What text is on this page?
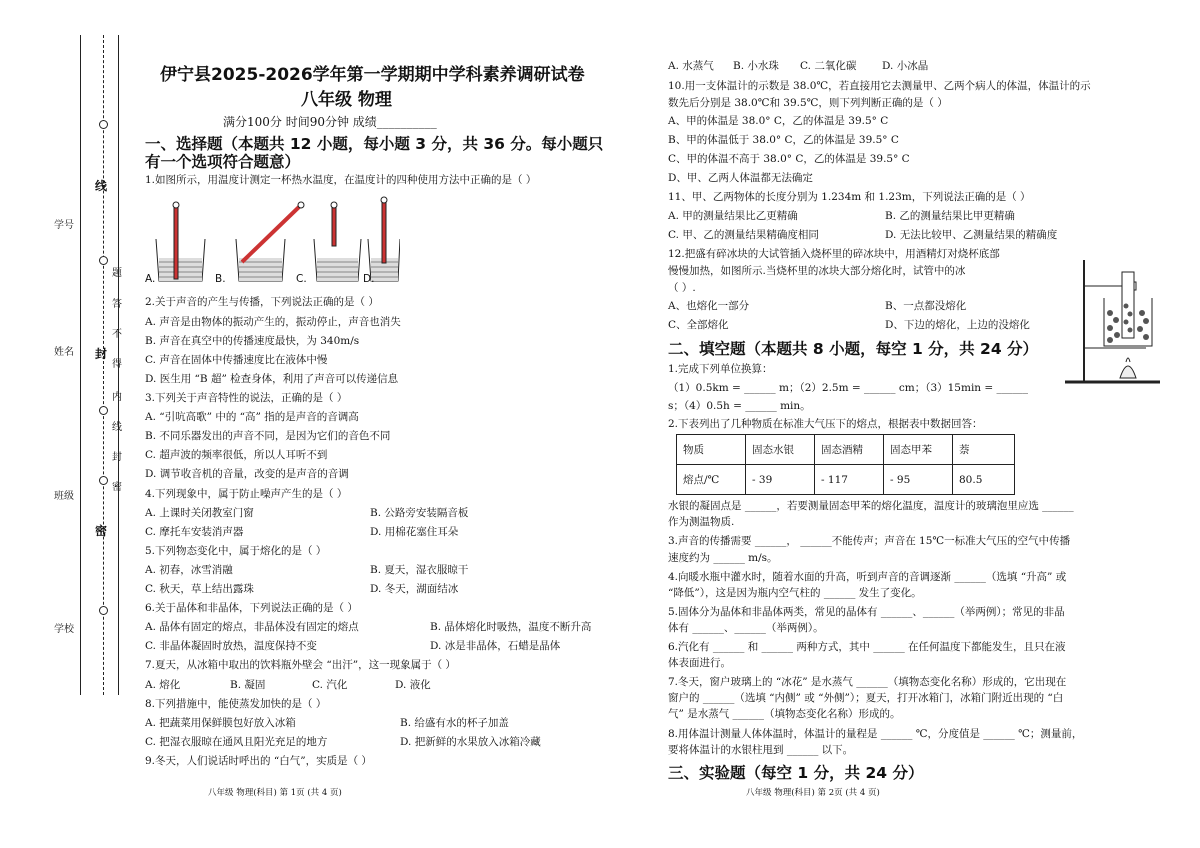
学号
姓名
班级
学校
线
封
密
题
答
不
得
内
线
封
密
伊宁县2025-2026学年第一学期期中学科素养调研试卷
八年级 物理
满分100分 时间90分钟 成绩__________
一、选择题（本题共 12 小题，每小题 3 分，共 36 分。每小题只
有一个选项符合题意）
1.如图所示，用温度计测定一杯热水温度，在温度计的四种使用方法中正确的是（ ）
A.	B.	C.	D.
2.关于声音的产生与传播，下列说法正确的是（ ）
A. 声音是由物体的振动产生的，振动停止，声音也消失
B. 声音在真空中的传播速度最快，为 340m/s
C. 声音在固体中传播速度比在液体中慢
D. 医生用 “B 超” 检查身体，利用了声音可以传递信息
3.下列关于声音特性的说法，正确的是（ ）
A. “引吭高歌” 中的 “高” 指的是声音的音调高
B. 不同乐器发出的声音不同，是因为它们的音色不同
C. 超声波的频率很低，所以人耳听不到
D. 调节收音机的音量，改变的是声音的音调
4.下列现象中，属于防止噪声产生的是（ ）
A. 上课时关闭教室门窗	B. 公路旁安装隔音板
C. 摩托车安装消声器	D. 用棉花塞住耳朵
5.下列物态变化中，属于熔化的是（ ）
A. 初春，冰雪消融	B. 夏天，湿衣服晾干
C. 秋天，草上结出露珠	D. 冬天，湖面结冰
6.关于晶体和非晶体，下列说法正确的是（ ）
A. 晶体有固定的熔点，非晶体没有固定的熔点	B. 晶体熔化时吸热，温度不断升高
C. 非晶体凝固时放热，温度保持不变	D. 冰是非晶体，石蜡是晶体
7.夏天，从冰箱中取出的饮料瓶外壁会 “出汗”，这一现象属于（ ）
A. 熔化	B. 凝固	C. 汽化	D. 液化
8.下列措施中，能使蒸发加快的是（ ）
A. 把蔬菜用保鲜膜包好放入冰箱	B. 给盛有水的杯子加盖
C. 把湿衣服晾在通风且阳光充足的地方	D. 把新鲜的水果放入冰箱冷藏
9.冬天，人们说话时呼出的 “白气”，实质是（ ）
八年级 物理(科目) 第 1页 (共 4 页)
A. 水蒸气 B. 小水珠 C. 二氧化碳 D. 小冰晶
10.用一支体温计的示数是 38.0℃，若直接用它去测量甲、乙两个病人的体温，体温计的示
数先后分别是 38.0℃和 39.5℃，则下列判断正确的是（ ）
A、甲的体温是 38.0° C，乙的体温是 39.5° C
B、甲的体温低于 38.0° C，乙的体温是 39.5° C
C、甲的体温不高于 38.0° C，乙的体温是 39.5° C
D、甲、乙两人体温都无法确定
11、甲、乙两物体的长度分别为 1.234m 和 1.23m，下列说法正确的是（ ）
A. 甲的测量结果比乙更精确	B. 乙的测量结果比甲更精确
C. 甲、乙的测量结果精确度相同	D. 无法比较甲、乙测量结果的精确度
12.把盛有碎冰块的大试管插入烧杯里的碎冰块中，用酒精灯对烧杯底部
慢慢加热，如图所示.当烧杯里的冰块大部分熔化时，试管中的冰
（ ）.
A、也熔化一部分	B、一点都没熔化
C、全部熔化	D、下边的熔化，上边的没熔化
二、填空题（本题共 8 小题，每空 1 分，共 24 分）
1.完成下列单位换算：
（1）0.5km = ______ m；（2）2.5m = ______ cm；（3）15min = ______
s；（4）0.5h = ______ min。
2.下表列出了几种物质在标准大气压下的熔点，根据表中数据回答：
物质	固态水银	固态酒精	固态甲苯	萘
熔点/℃	- 39	- 117	- 95	80.5
水银的凝固点是 ______，若要测量固态甲苯的熔化温度，温度计的玻璃泡里应选 ______
作为测温物质.
3.声音的传播需要 ______， ______不能传声；声音在 15℃一标准大气压的空气中传播
速度约为 ______ m/s。
4.向暖水瓶中灌水时，随着水面的升高，听到声音的音调逐渐 ______（选填 “升高” 或
“降低”），这是因为瓶内空气柱的 ______ 发生了变化。
5.固体分为晶体和非晶体两类，常见的晶体有 ______、______（举两例）；常见的非晶
体有 ______、______（举两例）。
6.汽化有 ______ 和 ______ 两种方式，其中 ______ 在任何温度下都能发生，且只在液
体表面进行。
7.冬天，窗户玻璃上的 “冰花” 是水蒸气 ______（填物态变化名称）形成的，它出现在
窗户的 ______（选填 “内侧” 或 “外侧”）；夏天，打开冰箱门，冰箱门附近出现的 “白
气” 是水蒸气 ______（填物态变化名称）形成的。
8.用体温计测量人体体温时，体温计的量程是 ______ ℃，分度值是 ______ ℃；测量前，
要将体温计的水银柱甩到 ______ 以下。
三、实验题（每空 1 分，共 24 分）
八年级 物理(科目) 第 2页 (共 4 页)
